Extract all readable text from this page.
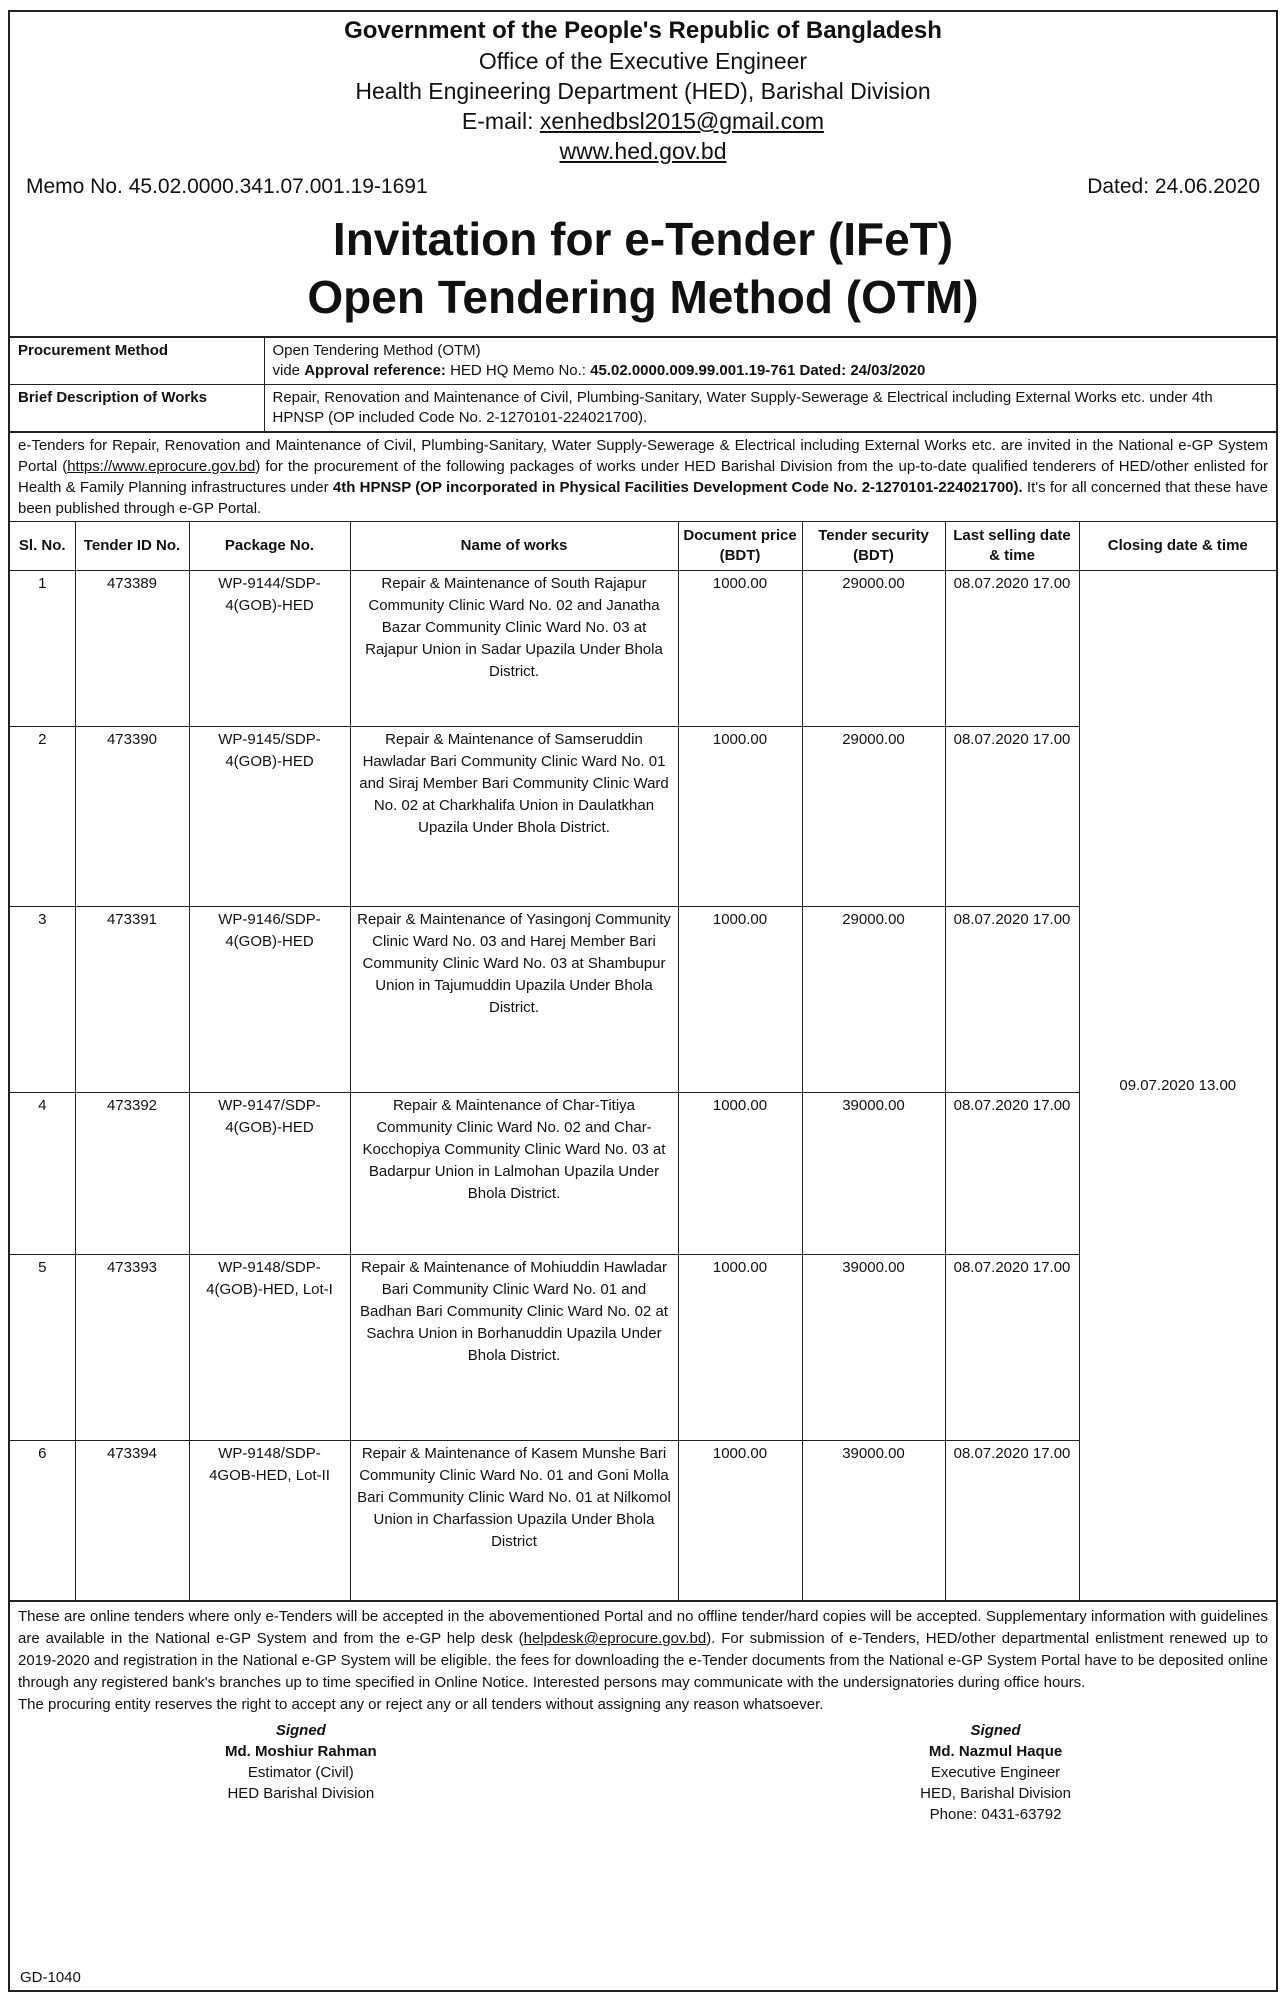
Government of the People's Republic of Bangladesh
Office of the Executive Engineer
Health Engineering Department (HED), Barishal Division
E-mail: xenhedbsl2015@gmail.com
www.hed.gov.bd
Memo No. 45.02.0000.341.07.001.19-1691	Dated: 24.06.2020
Invitation for e-Tender (IFeT)
Open Tendering Method (OTM)
Procurement Method	Open Tendering Method (OTM)
vide Approval reference: HED HQ Memo No.: 45.02.0000.009.99.001.19-761 Dated: 24/03/2020

Brief Description of Works	Repair, Renovation and Maintenance of Civil, Plumbing-Sanitary, Water Supply-Sewerage & Electrical including External Works etc. under 4th HPNSP (OP included Code No. 2-1270101-224021700).
e-Tenders for Repair, Renovation and Maintenance of Civil, Plumbing-Sanitary, Water Supply-Sewerage & Electrical including External Works etc. are invited in the National e-GP System Portal (https://www.eprocure.gov.bd) for the procurement of the following packages of works under HED Barishal Division from the up-to-date qualified tenderers of HED/other enlisted for Health & Family Planning infrastructures under 4th HPNSP (OP incorporated in Physical Facilities Development Code No. 2-1270101-224021700). It's for all concerned that these have been published through e-GP Portal.
Sl. No.	Tender ID No.	Package No.	Name of works	Document price (BDT)	Tender security (BDT)	Last selling date & time	Closing date & time
1	473389	WP-9144/SDP-4(GOB)-HED	Repair & Maintenance of South Rajapur Community Clinic Ward No. 02 and Janatha Bazar Community Clinic Ward No. 03 at Rajapur Union in Sadar Upazila Under Bhola District.	1000.00	29000.00	08.07.2020 17.00	09.07.2020 13.00
2	473390	WP-9145/SDP-4(GOB)-HED	Repair & Maintenance of Samseruddin Hawladar Bari Community Clinic Ward No. 01 and Siraj Member Bari Community Clinic Ward No. 02 at Charkhalifa Union in Daulatkhan Upazila Under Bhola District.	1000.00	29000.00	08.07.2020 17.00	
3	473391	WP-9146/SDP-4(GOB)-HED	Repair & Maintenance of Yasingonj Community Clinic Ward No. 03 and Harej Member Bari Community Clinic Ward No. 03 at Shambupur Union in Tajumuddin Upazila Under Bhola District.	1000.00	29000.00	08.07.2020 17.00	
4	473392	WP-9147/SDP-4(GOB)-HED	Repair & Maintenance of Char-Titiya Community Clinic Ward No. 02 and Char-Kocchopiya Community Clinic Ward No. 03 at Badarpur Union in Lalmohan Upazila Under Bhola District.	1000.00	39000.00	08.07.2020 17.00	
5	473393	WP-9148/SDP-4(GOB)-HED, Lot-I	Repair & Maintenance of Mohiuddin Hawladar Bari Community Clinic Ward No. 01 and Badhan Bari Community Clinic Ward No. 02 at Sachra Union in Borhanuddin Upazila Under Bhola District.	1000.00	39000.00	08.07.2020 17.00	
6	473394	WP-9148/SDP-4GOB-HED, Lot-II	Repair & Maintenance of Kasem Munshe Bari Community Clinic Ward No. 01 and Goni Molla Bari Community Clinic Ward No. 01 at Nilkomol Union in Charfassion Upazila Under Bhola District	1000.00	39000.00	08.07.2020 17.00	
These are online tenders where only e-Tenders will be accepted in the abovementioned Portal and no offline tender/hard copies will be accepted. Supplementary information with guidelines are available in the National e-GP System and from the e-GP help desk (helpdesk@eprocure.gov.bd). For submission of e-Tenders, HED/other departmental enlistment renewed up to 2019-2020 and registration in the National e-GP System will be eligible. the fees for downloading the e-Tender documents from the National e-GP System Portal have to be deposited online through any registered bank's branches up to time specified in Online Notice. Interested persons may communicate with the undersignatories during office hours.
The procuring entity reserves the right to accept any or reject any or all tenders without assigning any reason whatsoever.
Signed
Md. Moshiur Rahman
Estimator (Civil)
HED Barishal Division
Signed
Md. Nazmul Haque
Executive Engineer
HED, Barishal Division
Phone: 0431-63792
GD-1040
